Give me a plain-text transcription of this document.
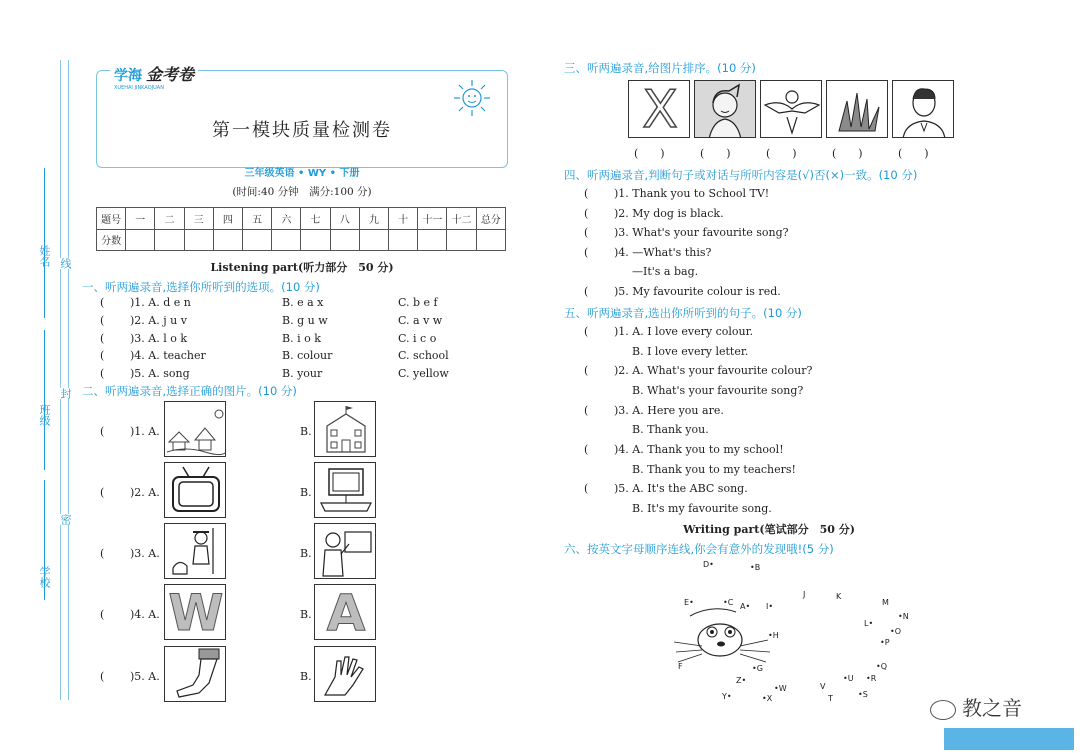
姓名
班级
学校
线
封
密
学海 金考卷
XUEHAI JINKAOJUAN
第一模块质量检测卷
三年级英语 • WY • 下册
(时间:40 分钟　满分:100 分)
题号	一	二	三	四	五	六	七	八	九	十	十一	十二	总分
分数													
Listening part(听力部分　50 分)
一、听两遍录音,选择你所听到的选项。(10 分)
( )1. A. d e n	B. e a x	C. b e f
( )2. A. j u v	B. g u w	C. a v w
( )3. A. l o k	B. i o k	C. i c o
( )4. A. teacher	B. colour	C. school
( )5. A. song	B. your	C. yellow
二、听两遍录音,选择正确的图片。(10 分)
( )1. A.	B.
( )2. A.	B.
( )3. A.	B.
( )4. A. W	B. A
( )5. A.	B.
三、听两遍录音,给图片排序。(10 分)
X
(　　)	(　　)	(　　)	(　　)	(　　)
四、听两遍录音,判断句子或对话与所听内容是(√)否(×)一致。(10 分)
( )1. Thank you to School TV!
( )2. My dog is black.
( )3. What's your favourite song?
( )4. —What's this?
—It's a bag.
( )5. My favourite colour is red.
五、听两遍录音,选出你所听到的句子。(10 分)
( )1. A. I love every colour.
B. I love every letter.
( )2. A. What's your favourite colour?
B. What's your favourite song?
( )3. A. Here you are.
B. Thank you.
( )4. A. Thank you to my school!
B. Thank you to my teachers!
( )5. A. It's the ABC song.
B. It's my favourite song.
Writing part(笔试部分　50 分)
六、按英文字母顺序连线,你会有意外的发现哦!(5 分)
A•
•B
•C
D•
E•
F	•G
•H
I•
J	K
L•
M
•N
•O
•P
•Q
•R
•S
T
•U
V
•W
•X
Y•
Z•
教之音
